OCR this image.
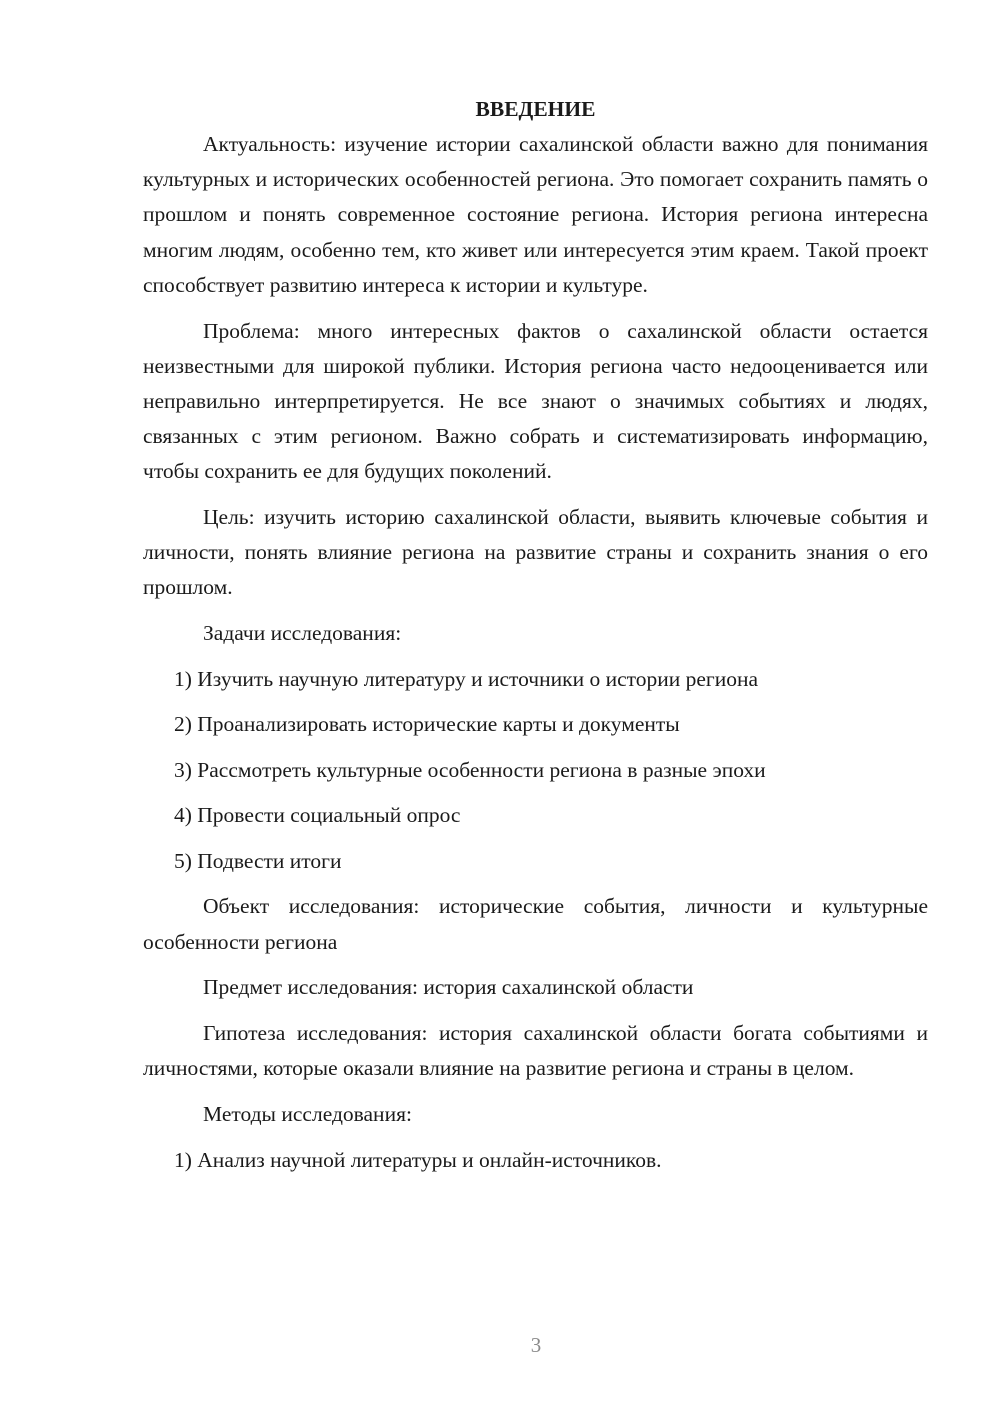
ВВЕДЕНИЕ

Актуальность: изучение истории сахалинской области важно для понимания культурных и исторических особенностей региона. Это помогает сохранить память о прошлом и понять современное состояние региона. История региона интересна многим людям, особенно тем, кто живет или интересуется этим краем. Такой проект способствует развитию интереса к истории и культуре.

Проблема: много интересных фактов о сахалинской области остается неизвестными для широкой публики. История региона часто недооценивается или неправильно интерпретируется. Не все знают о значимых событиях и людях, связанных с этим регионом. Важно собрать и систематизировать информацию, чтобы сохранить ее для будущих поколений.

Цель: изучить историю сахалинской области, выявить ключевые события и личности, понять влияние региона на развитие страны и сохранить знания о его прошлом.

Задачи исследования:

1) Изучить научную литературу и источники о истории региона
2) Проанализировать исторические карты и документы
3) Рассмотреть культурные особенности региона в разные эпохи
4) Провести социальный опрос
5) Подвести итоги

Объект исследования: исторические события, личности и культурные особенности региона

Предмет исследования: история сахалинской области

Гипотеза исследования: история сахалинской области богата событиями и личностями, которые оказали влияние на развитие региона и страны в целом.

Методы исследования:

1) Анализ научной литературы и онлайн-источников.
3
